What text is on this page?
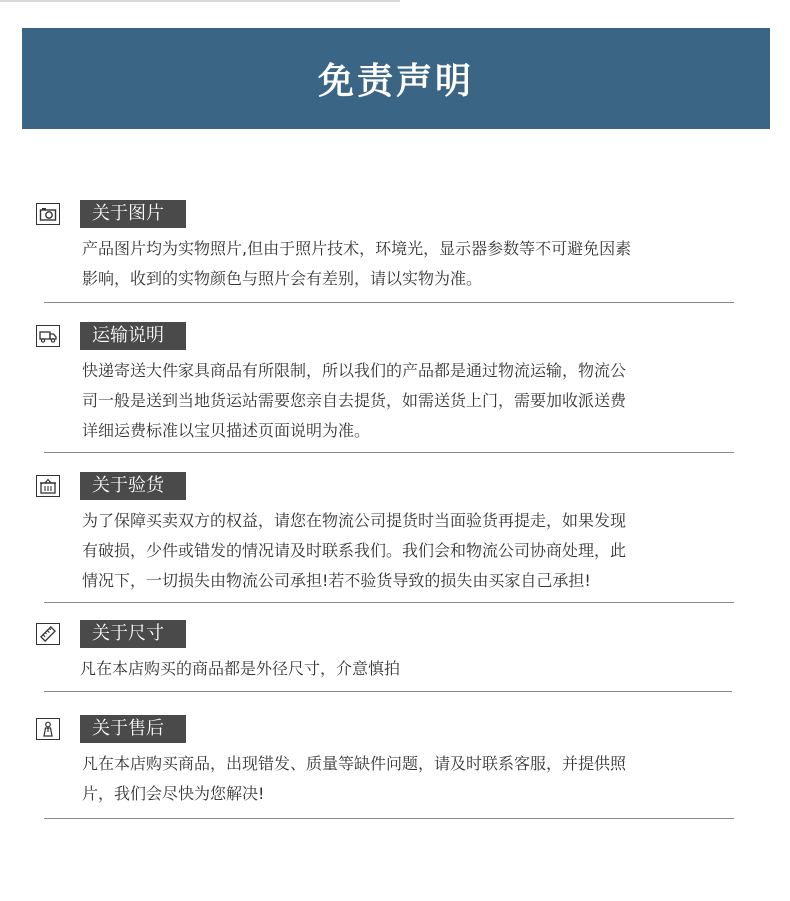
免责声明
关于图片
产品图片均为实物照片,但由于照片技术，环境光，显示器参数等不可避免因素
影响，收到的实物颜色与照片会有差别，请以实物为准。
运输说明
快递寄送大件家具商品有所限制，所以我们的产品都是通过物流运输，物流公
司一般是送到当地货运站需要您亲自去提货，如需送货上门，需要加收派送费
详细运费标准以宝贝描述页面说明为准。
关于验货
为了保障买卖双方的权益，请您在物流公司提货时当面验货再提走，如果发现
有破损，少件或错发的情况请及时联系我们。我们会和物流公司协商处理，此
情况下，一切损失由物流公司承担!若不验货导致的损失由买家自己承担!
关于尺寸
凡在本店购买的商品都是外径尺寸，介意慎拍
关于售后
凡在本店购买商品，出现错发、质量等缺件问题，请及时联系客服，并提供照
片，我们会尽快为您解决!
